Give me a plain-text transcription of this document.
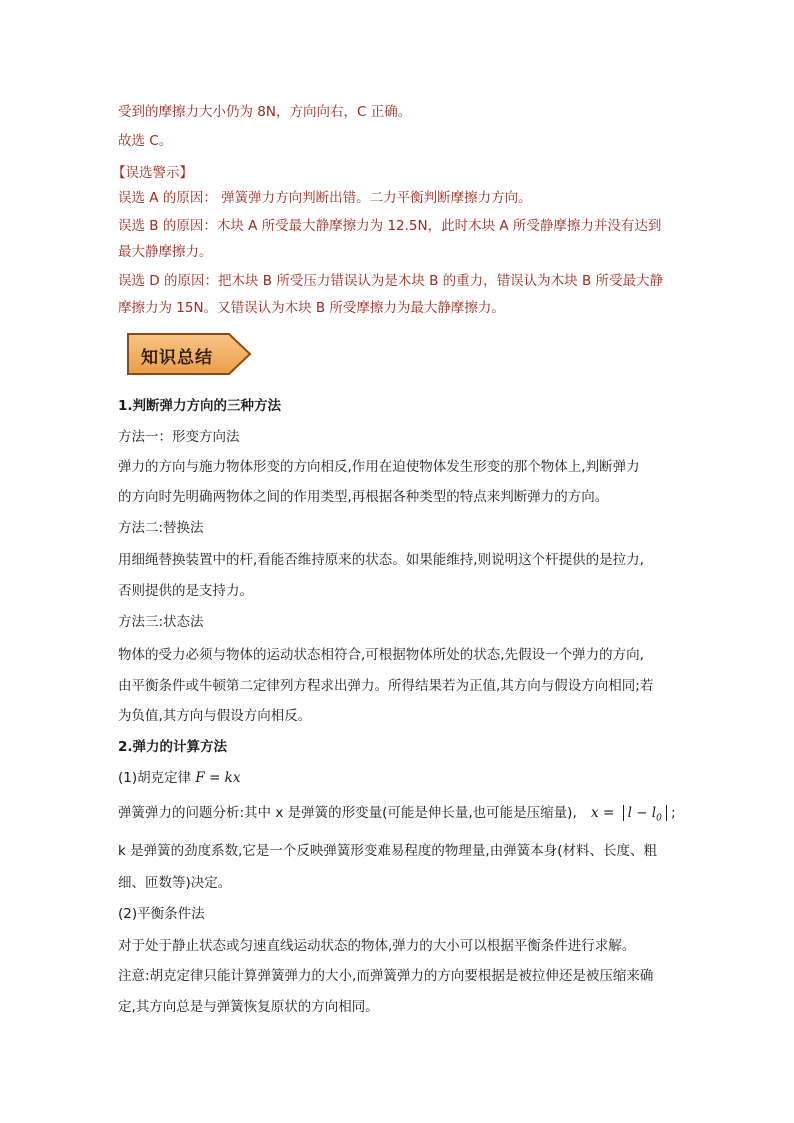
受到的摩擦力大小仍为 8N，方向向右，C 正确。
故选 C。
【误选警示】
误选 A 的原因： 弹簧弹力方向判断出错。二力平衡判断摩擦力方向。
误选 B 的原因：木块 A 所受最大静摩擦力为 12.5N，此时木块 A 所受静摩擦力并没有达到
最大静摩擦力。
误选 D 的原因：把木块 B 所受压力错误认为是木块 B 的重力，错误认为木块 B 所受最大静
摩擦力为 15N。又错误认为木块 B 所受摩擦力为最大静摩擦力。
知识总结
1.判断弹力方向的三种方法
方法一：形变方向法
弹力的方向与施力物体形变的方向相反,作用在迫使物体发生形变的那个物体上,判断弹力
的方向时先明确两物体之间的作用类型,再根据各种类型的特点来判断弹力的方向。
方法二:替换法
用细绳替换装置中的杆,看能否维持原来的状态。如果能维持,则说明这个杆提供的是拉力,
否则提供的是支持力。
方法三:状态法
物体的受力必须与物体的运动状态相符合,可根据物体所处的状态,先假设一个弹力的方向,
由平衡条件或牛顿第二定律列方程求出弹力。所得结果若为正值,其方向与假设方向相同;若
为负值,其方向与假设方向相反。
2.弹力的计算方法
(1)胡克定律 F = kx
弹簧弹力的问题分析:其中 x 是弹簧的形变量(可能是伸长量,也可能是压缩量), $x = l - l_0$ ;
k 是弹簧的劲度系数,它是一个反映弹簧形变难易程度的物理量,由弹簧本身(材料、长度、粗
细、匝数等)决定。
(2)平衡条件法
对于处于静止状态或匀速直线运动状态的物体,弹力的大小可以根据平衡条件进行求解。
注意:胡克定律只能计算弹簧弹力的大小,而弹簧弹力的方向要根据是被拉伸还是被压缩来确
定,其方向总是与弹簧恢复原状的方向相同。
